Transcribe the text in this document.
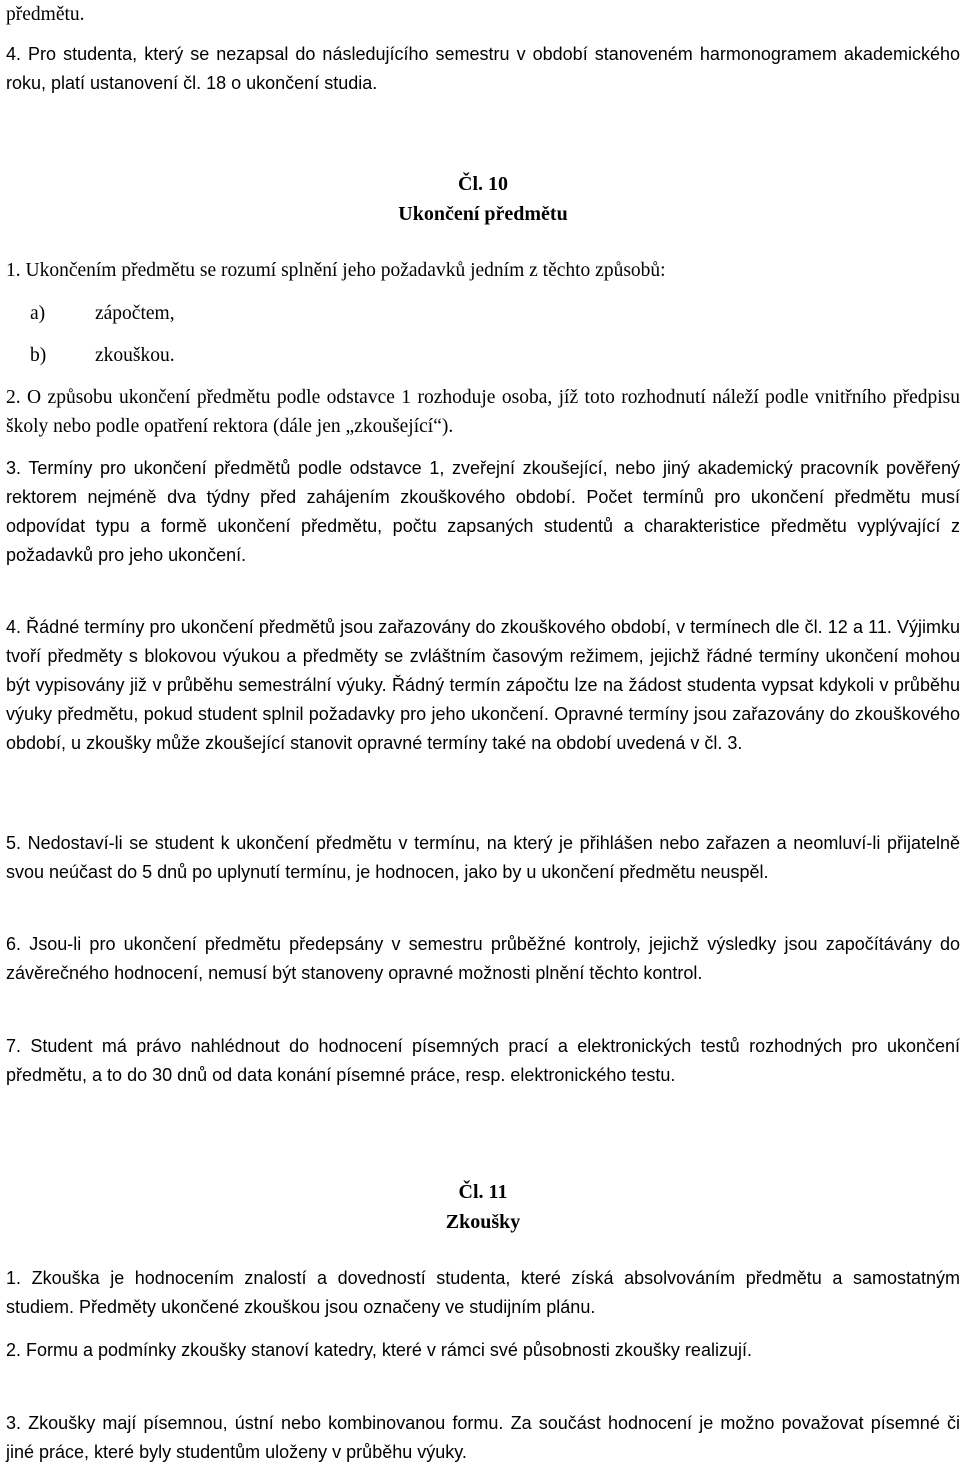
předmětu.

4. Pro studenta, který se nezapsal do následujícího semestru v období stanoveném harmonogramem akademického roku, platí ustanovení čl. 18 o ukončení studia.

Čl. 10
Ukončení předmětu

1. Ukončením předmětu se rozumí splnění jeho požadavků jedním z těchto způsobů:

a)	zápočtem,
b)	zkouškou.

2. O způsobu ukončení předmětu podle odstavce 1 rozhoduje osoba, jíž toto rozhodnutí náleží podle vnitřního předpisu školy nebo podle opatření rektora (dále jen „zkoušející“).

3. Termíny pro ukončení předmětů podle odstavce 1, zveřejní zkoušející, nebo jiný akademický pracovník pověřený rektorem nejméně dva týdny před zahájením zkouškového období. Počet termínů pro ukončení předmětu musí odpovídat typu a formě ukončení předmětu, počtu zapsaných studentů a charakteristice předmětu vyplývající z požadavků pro jeho ukončení.

4. Řádné termíny pro ukončení předmětů jsou zařazovány do zkouškového období, v termínech dle čl. 12 a 11. Výjimku tvoří předměty s blokovou výukou a předměty se zvláštním časovým režimem, jejichž řádné termíny ukončení mohou být vypisovány již v průběhu semestrální výuky. Řádný termín zápočtu lze na žádost studenta vypsat kdykoli v průběhu výuky předmětu, pokud student splnil požadavky pro jeho ukončení. Opravné termíny jsou zařazovány do zkouškového období, u zkoušky může zkoušející stanovit opravné termíny také na období uvedená v čl. 3.

5. Nedostaví-li se student k ukončení předmětu v termínu, na který je přihlášen nebo zařazen a neomluví-li přijatelně svou neúčast do 5 dnů po uplynutí termínu, je hodnocen, jako by u ukončení předmětu neuspěl.

6. Jsou-li pro ukončení předmětu předepsány v semestru průběžné kontroly, jejichž výsledky jsou započítávány do závěrečného hodnocení, nemusí být stanoveny opravné možnosti plnění těchto kontrol.

7. Student má právo nahlédnout do hodnocení písemných prací a elektronických testů rozhodných pro ukončení předmětu, a to do 30 dnů od data konání písemné práce, resp. elektronického testu.

Čl. 11
Zkoušky

1. Zkouška je hodnocením znalostí a dovedností studenta, které získá absolvováním předmětu a samostatným studiem. Předměty ukončené zkouškou jsou označeny ve studijním plánu.

2. Formu a podmínky zkoušky stanoví katedry, které v rámci své působnosti zkoušky realizují.

3. Zkoušky mají písemnou, ústní nebo kombinovanou formu. Za součást hodnocení je možno považovat písemné či jiné práce, které byly studentům uloženy v průběhu výuky.
